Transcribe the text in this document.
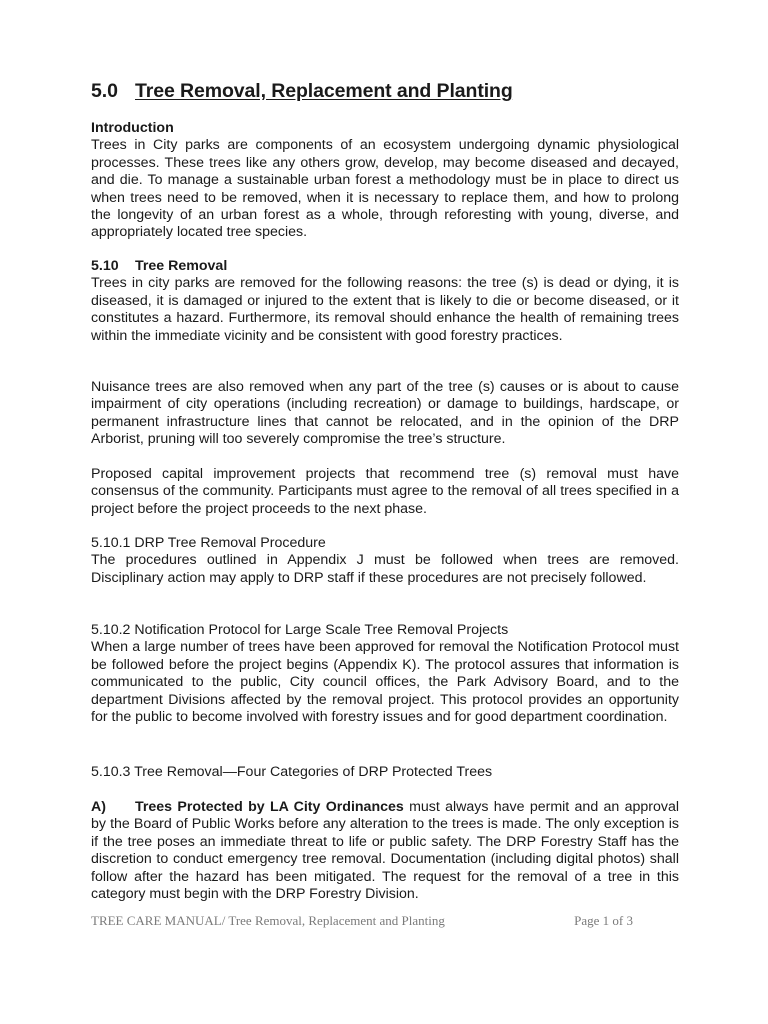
5.0 Tree Removal, Replacement and Planting
Introduction
Trees in City parks are components of an ecosystem undergoing dynamic physiological processes. These trees like any others grow, develop, may become diseased and decayed, and die. To manage a sustainable urban forest a methodology must be in place to direct us when trees need to be removed, when it is necessary to replace them, and how to prolong the longevity of an urban forest as a whole, through reforesting with young, diverse, and appropriately located tree species.
5.10 Tree Removal
Trees in city parks are removed for the following reasons: the tree (s) is dead or dying, it is diseased, it is damaged or injured to the extent that is likely to die or become diseased, or it constitutes a hazard. Furthermore, its removal should enhance the health of remaining trees within the immediate vicinity and be consistent with good forestry practices.
Nuisance trees are also removed when any part of the tree (s) causes or is about to cause impairment of city operations (including recreation) or damage to buildings, hardscape, or permanent infrastructure lines that cannot be relocated, and in the opinion of the DRP Arborist, pruning will too severely compromise the tree’s structure.
Proposed capital improvement projects that recommend tree (s) removal must have consensus of the community. Participants must agree to the removal of all trees specified in a project before the project proceeds to the next phase.
5.10.1 DRP Tree Removal Procedure
The procedures outlined in Appendix J must be followed when trees are removed. Disciplinary action may apply to DRP staff if these procedures are not precisely followed.
5.10.2 Notification Protocol for Large Scale Tree Removal Projects
When a large number of trees have been approved for removal the Notification Protocol must be followed before the project begins (Appendix K). The protocol assures that information is communicated to the public, City council offices, the Park Advisory Board, and to the department Divisions affected by the removal project. This protocol provides an opportunity for the public to become involved with forestry issues and for good department coordination.
5.10.3 Tree Removal—Four Categories of DRP Protected Trees
A) Trees Protected by LA City Ordinances must always have permit and an approval by the Board of Public Works before any alteration to the trees is made. The only exception is if the tree poses an immediate threat to life or public safety. The DRP Forestry Staff has the discretion to conduct emergency tree removal. Documentation (including digital photos) shall follow after the hazard has been mitigated. The request for the removal of a tree in this category must begin with the DRP Forestry Division.
TREE CARE MANUAL/ Tree Removal, Replacement and Planting	Page 1 of 3
